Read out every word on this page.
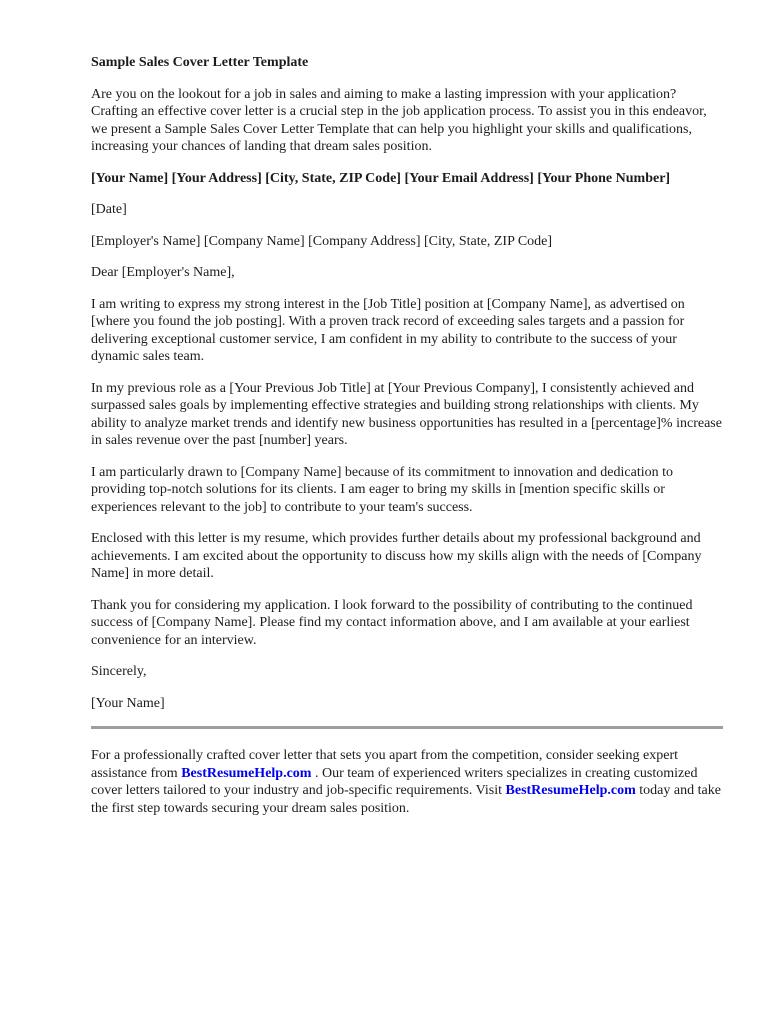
Sample Sales Cover Letter Template

Are you on the lookout for a job in sales and aiming to make a lasting impression with your application? Crafting an effective cover letter is a crucial step in the job application process. To assist you in this endeavor, we present a Sample Sales Cover Letter Template that can help you highlight your skills and qualifications, increasing your chances of landing that dream sales position.

[Your Name] [Your Address] [City, State, ZIP Code] [Your Email Address] [Your Phone Number]

[Date]

[Employer's Name] [Company Name] [Company Address] [City, State, ZIP Code]

Dear [Employer's Name],

I am writing to express my strong interest in the [Job Title] position at [Company Name], as advertised on [where you found the job posting]. With a proven track record of exceeding sales targets and a passion for delivering exceptional customer service, I am confident in my ability to contribute to the success of your dynamic sales team.

In my previous role as a [Your Previous Job Title] at [Your Previous Company], I consistently achieved and surpassed sales goals by implementing effective strategies and building strong relationships with clients. My ability to analyze market trends and identify new business opportunities has resulted in a [percentage]% increase in sales revenue over the past [number] years.

I am particularly drawn to [Company Name] because of its commitment to innovation and dedication to providing top-notch solutions for its clients. I am eager to bring my skills in [mention specific skills or experiences relevant to the job] to contribute to your team's success.

Enclosed with this letter is my resume, which provides further details about my professional background and achievements. I am excited about the opportunity to discuss how my skills align with the needs of [Company Name] in more detail.

Thank you for considering my application. I look forward to the possibility of contributing to the continued success of [Company Name]. Please find my contact information above, and I am available at your earliest convenience for an interview.

Sincerely,

[Your Name]

For a professionally crafted cover letter that sets you apart from the competition, consider seeking expert assistance from BestResumeHelp.com . Our team of experienced writers specializes in creating customized cover letters tailored to your industry and job-specific requirements. Visit BestResumeHelp.com today and take the first step towards securing your dream sales position.
